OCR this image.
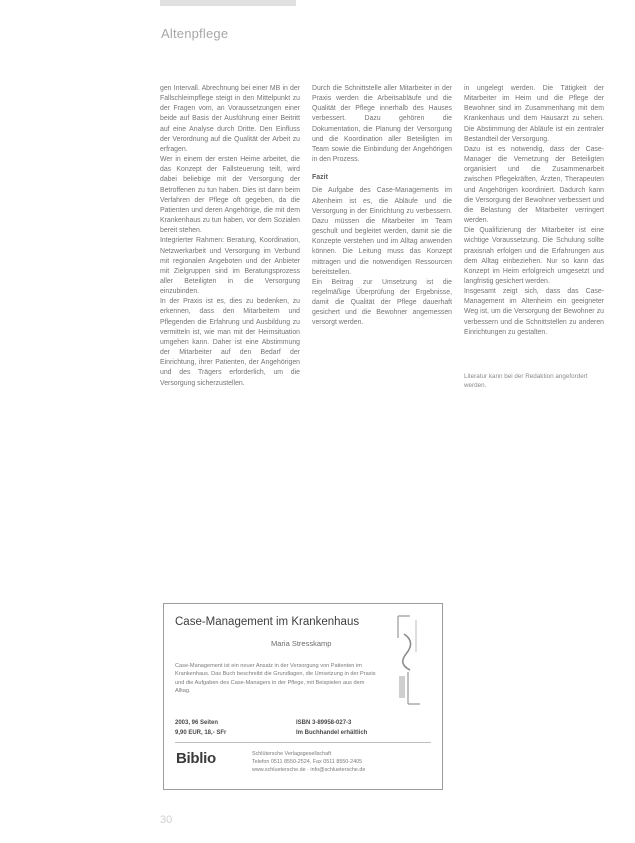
Altenpflege

gen Intervall. Abrechnung bei einer MB in der Fallschleimpflege steigt in den Mittelpunkt zu der Fragen vom, an Voraussetzungen einer beide auf Basis der Ausführung einer Beitritt auf eine Analyse durch Dritte. Den Einfluss der Verordnung auf die Qualität der Arbeit zu erfragen.

Wer in einem der ersten Heime arbeitet, die das Konzept der Fallsteuerung teilt, wird dabei beliebige mit der Versorgung der Betroffenen zu tun haben. Dies ist dann beim Verfahren der Pflege oft gegeben, da die Patienten und deren Angehörige, die mit dem Krankenhaus zu tun haben, vor dem Sozialen bereit stehen.

Integrierter Rahmen: Beratung, Koordination, Netzwerkarbeit und Versorgung im Verbund mit regionalen Angeboten und der Anbieter mit Zielgruppen sind im Beratungsprozess aller Beteiligten in die Versorgung einzubinden.

In der Praxis ist es, dies zu bedenken, zu erkennen, dass den Mitarbeitern und Pflegenden die Erfahrung und Ausbildung zu vermitteln ist, wie man mit der Heimsituation umgehen kann. Daher ist eine Abstimmung der Mitarbeiter auf den Bedarf der Einrichtung, ihrer Patienten, der Angehörigen und des Trägers erforderlich, um die Versorgung sicherzustellen.

Durch die Schnittstelle aller Mitarbeiter in der Praxis werden die Arbeitsabläufe und die Qualität der Pflege innerhalb des Hauses verbessert. Dazu gehören die Dokumentation, die Planung der Versorgung und die Koordination aller Beteiligten im Team sowie die Einbindung der Angehörigen in den Prozess.

Fazit

Die Aufgabe des Case-Managements im Altenheim ist es, die Abläufe und die Versorgung in der Einrichtung zu verbessern. Dazu müssen die Mitarbeiter im Team geschult und begleitet werden, damit sie die Konzepte verstehen und im Alltag anwenden können. Die Leitung muss das Konzept mittragen und die notwendigen Ressourcen bereitstellen.

Ein Beitrag zur Umsetzung ist die regelmäßige Überprüfung der Ergebnisse, damit die Qualität der Pflege dauerhaft gesichert und die Bewohner angemessen versorgt werden.

in ungelegt werden. Die Tätigkeit der Mitarbeiter im Heim und die Pflege der Bewohner sind im Zusammenhang mit dem Krankenhaus und dem Hausarzt zu sehen. Die Abstimmung der Abläufe ist ein zentraler Bestandteil der Versorgung.

Dazu ist es notwendig, dass der Case-Manager die Vernetzung der Beteiligten organisiert und die Zusammenarbeit zwischen Pflegekräften, Ärzten, Therapeuten und Angehörigen koordiniert. Dadurch kann die Versorgung der Bewohner verbessert und die Belastung der Mitarbeiter verringert werden.

Die Qualifizierung der Mitarbeiter ist eine wichtige Voraussetzung. Die Schulung sollte praxisnah erfolgen und die Erfahrungen aus dem Alltag einbeziehen. Nur so kann das Konzept im Heim erfolgreich umgesetzt und langfristig gesichert werden.

Insgesamt zeigt sich, dass das Case-Management im Altenheim ein geeigneter Weg ist, um die Versorgung der Bewohner zu verbessern und die Schnittstellen zu anderen Einrichtungen zu gestalten.

Literatur kann bei der Redaktion angefordert werden.

Case-Management im Krankenhaus
Maria Stresskamp
Case-Management ist ein neuer Ansatz in der Versorgung von Patienten im Krankenhaus. Das Buch beschreibt die Grundlagen, die Umsetzung in der Praxis und die Aufgaben des Case-Managers in der Pflege, mit Beispielen aus dem Alltag.
2003, 96 Seiten
9,90 EUR, 18,- SFr
ISBN 3-89958-027-3
Im Buchhandel erhältlich
Biblio	Schlütersche Verlagsgesellschaft
Telefon 0511 8550-2524, Fax 0511 8550-2405
www.schluetersche.de · info@schluetersche.de
30
